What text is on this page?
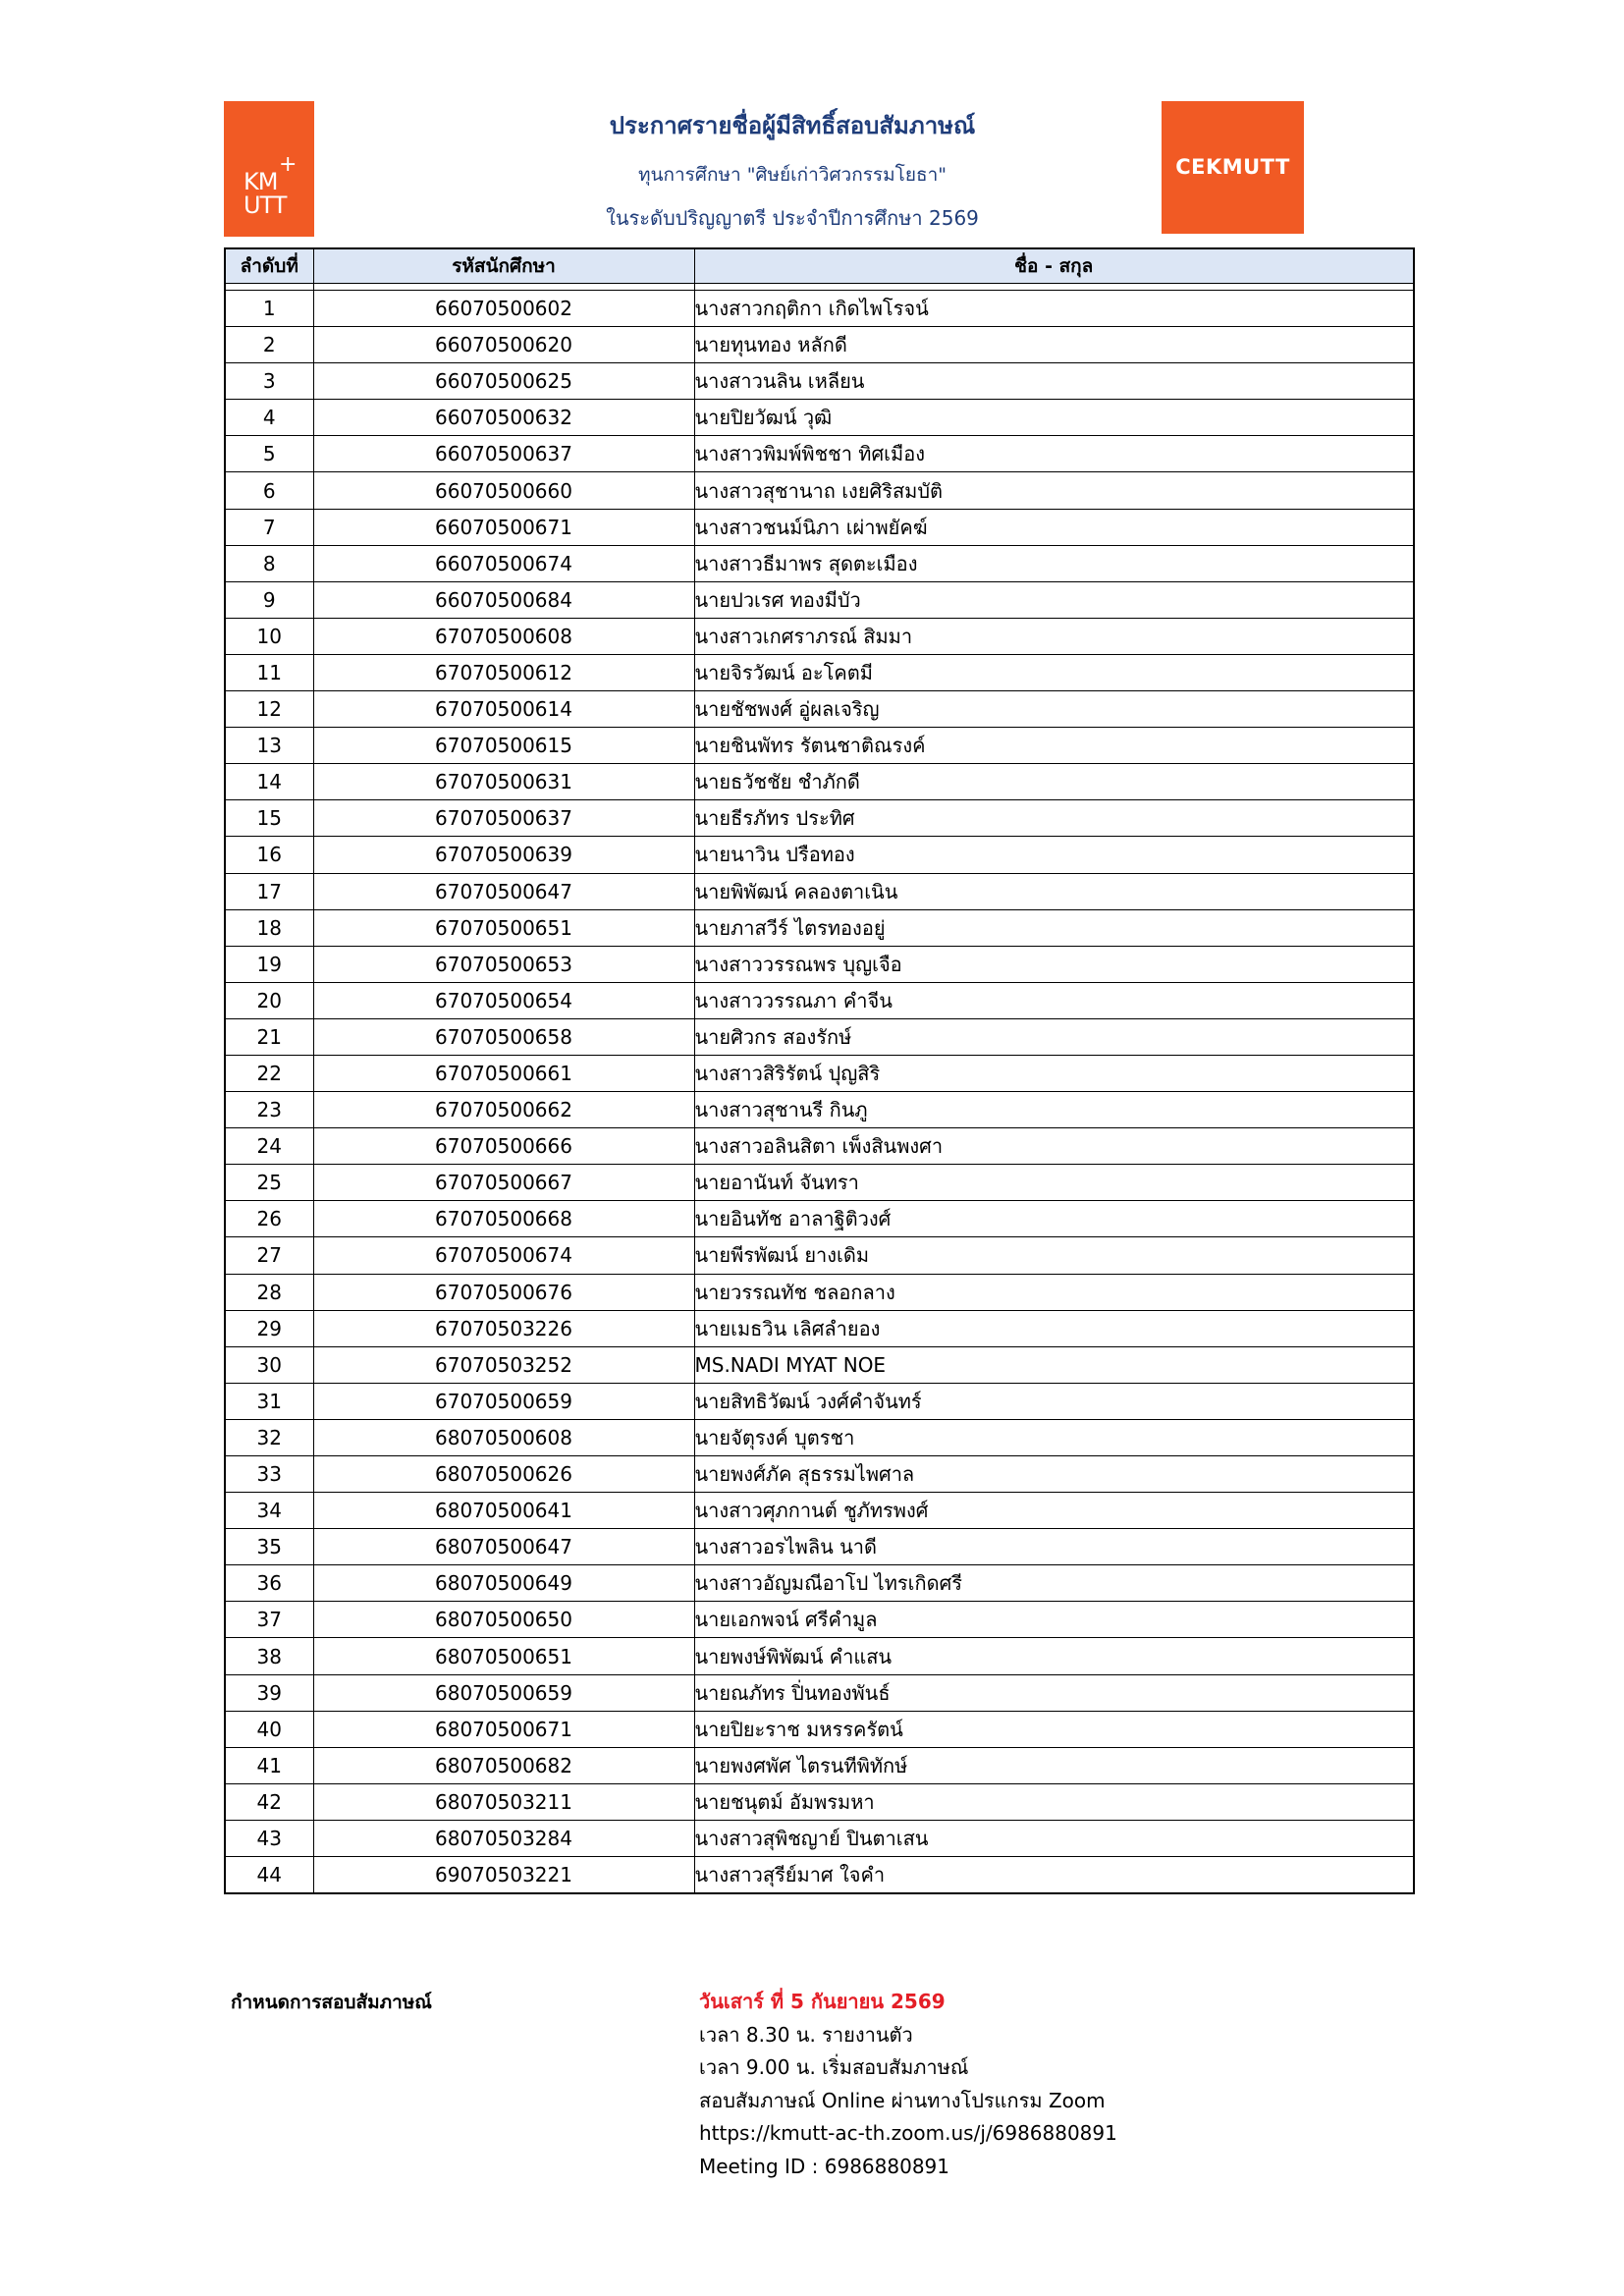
+
KM
UTT
CEKMUTT
ประกาศรายชื่อผู้มีสิทธิ์สอบสัมภาษณ์
ทุนการศึกษา "ศิษย์เก่าวิศวกรรมโยธา"
ในระดับปริญญาตรี ประจำปีการศึกษา 2569
ลำดับที่	รหัสนักศึกษา	ชื่อ - สกุล

1	66070500602	นางสาวกฤติกา เกิดไพโรจน์
2	66070500620	นายทุนทอง หลักดี
3	66070500625	นางสาวนลิน เหลียน
4	66070500632	นายปิยวัฒน์ วุฒิ
5	66070500637	นางสาวพิมพ์พิชชา ทิศเมือง
6	66070500660	นางสาวสุชานาถ เงยศิริสมบัติ
7	66070500671	นางสาวชนม์นิภา เผ่าพยัคฆ์
8	66070500674	นางสาวธีมาพร สุดตะเมือง
9	66070500684	นายปวเรศ ทองมีบัว
10	67070500608	นางสาวเกศราภรณ์ สิมมา
11	67070500612	นายจิรวัฒน์ อะโคตมี
12	67070500614	นายชัชพงศ์ อู่ผลเจริญ
13	67070500615	นายชินพัทร รัตนชาติณรงค์
14	67070500631	นายธวัชชัย ชำภักดี
15	67070500637	นายธีรภัทร ประทิศ
16	67070500639	นายนาวิน ปรือทอง
17	67070500647	นายพิพัฒน์ คลองตาเนิน
18	67070500651	นายภาสวีร์ ไตรทองอยู่
19	67070500653	นางสาววรรณพร บุญเจือ
20	67070500654	นางสาววรรณภา คำจีน
21	67070500658	นายศิวกร สองรักษ์
22	67070500661	นางสาวสิริรัตน์ ปุญสิริ
23	67070500662	นางสาวสุชานรี กินภู
24	67070500666	นางสาวอลินสิตา เพ็งสินพงศา
25	67070500667	นายอานันท์ จันทรา
26	67070500668	นายอินทัช อาลาฐิติวงศ์
27	67070500674	นายพีรพัฒน์ ยางเดิม
28	67070500676	นายวรรณทัช ชลอกลาง
29	67070503226	นายเมธวิน เลิศลำยอง
30	67070503252	MS.NADI MYAT NOE
31	67070500659	นายสิทธิวัฒน์ วงศ์คำจันทร์
32	68070500608	นายจัตุรงค์ บุตรชา
33	68070500626	นายพงศ์ภัค สุธรรมไพศาล
34	68070500641	นางสาวศุภกานต์ ชูภัทรพงศ์
35	68070500647	นางสาวอรไพลิน นาดี
36	68070500649	นางสาวอัญมณีอาโป ไทรเกิดศรี
37	68070500650	นายเอกพจน์ ศรีคำมูล
38	68070500651	นายพงษ์พิพัฒน์ คำแสน
39	68070500659	นายณภัทร ปิ่นทองพันธ์
40	68070500671	นายปิยะราช มหรรครัตน์
41	68070500682	นายพงศพัศ ไตรนทีพิทักษ์
42	68070503211	นายชนุตม์ อัมพรมหา
43	68070503284	นางสาวสุพิชญาย์ ปินตาเสน
44	69070503221	นางสาวสุรีย์มาศ ใจคำ
กำหนดการสอบสัมภาษณ์	วันเสาร์ ที่ 5 กันยายน 2569
เวลา 8.30 น. รายงานตัว
เวลา 9.00 น. เริ่มสอบสัมภาษณ์
สอบสัมภาษณ์ Online ผ่านทางโปรแกรม Zoom
https://kmutt-ac-th.zoom.us/j/6986880891
Meeting ID : 6986880891
